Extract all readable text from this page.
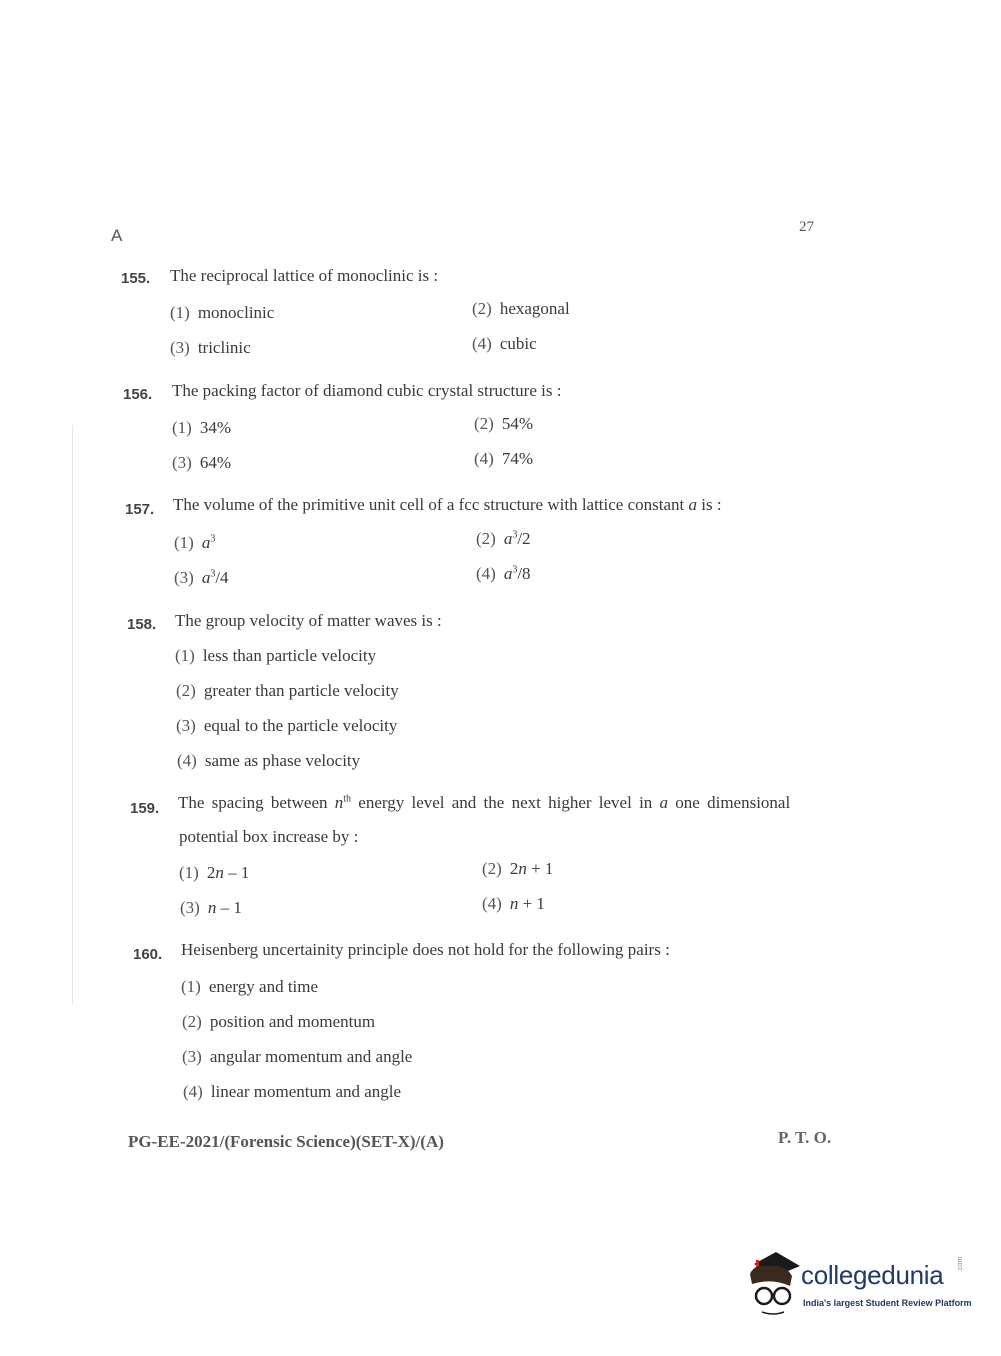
A	27
155. The reciprocal lattice of monoclinic is :
(1) monoclinic	(2) hexagonal
(3) triclinic	(4) cubic
156. The packing factor of diamond cubic crystal structure is :
(1) 34%	(2) 54%
(3) 64%	(4) 74%
157. The volume of the primitive unit cell of a fcc structure with lattice constant a is :
(1) $a^3$	(2) $a^3/2$
(3) $a^3/4$	(4) $a^3/8$
158. The group velocity of matter waves is :
(1) less than particle velocity
(2) greater than particle velocity
(3) equal to the particle velocity
(4) same as phase velocity
159. The spacing between $n^{th}$ energy level and the next higher level in a one dimensional
potential box increase by :
(1) 2n – 1	(2) 2n + 1
(3) n – 1	(4) n + 1
160. Heisenberg uncertainity principle does not hold for the following pairs :
(1) energy and time
(2) position and momentum
(3) angular momentum and angle
(4) linear momentum and angle
PG-EE-2021/(Forensic Science)(SET-X)/(A)	P. T. O.
collegedunia .com
India's largest Student Review Platform
